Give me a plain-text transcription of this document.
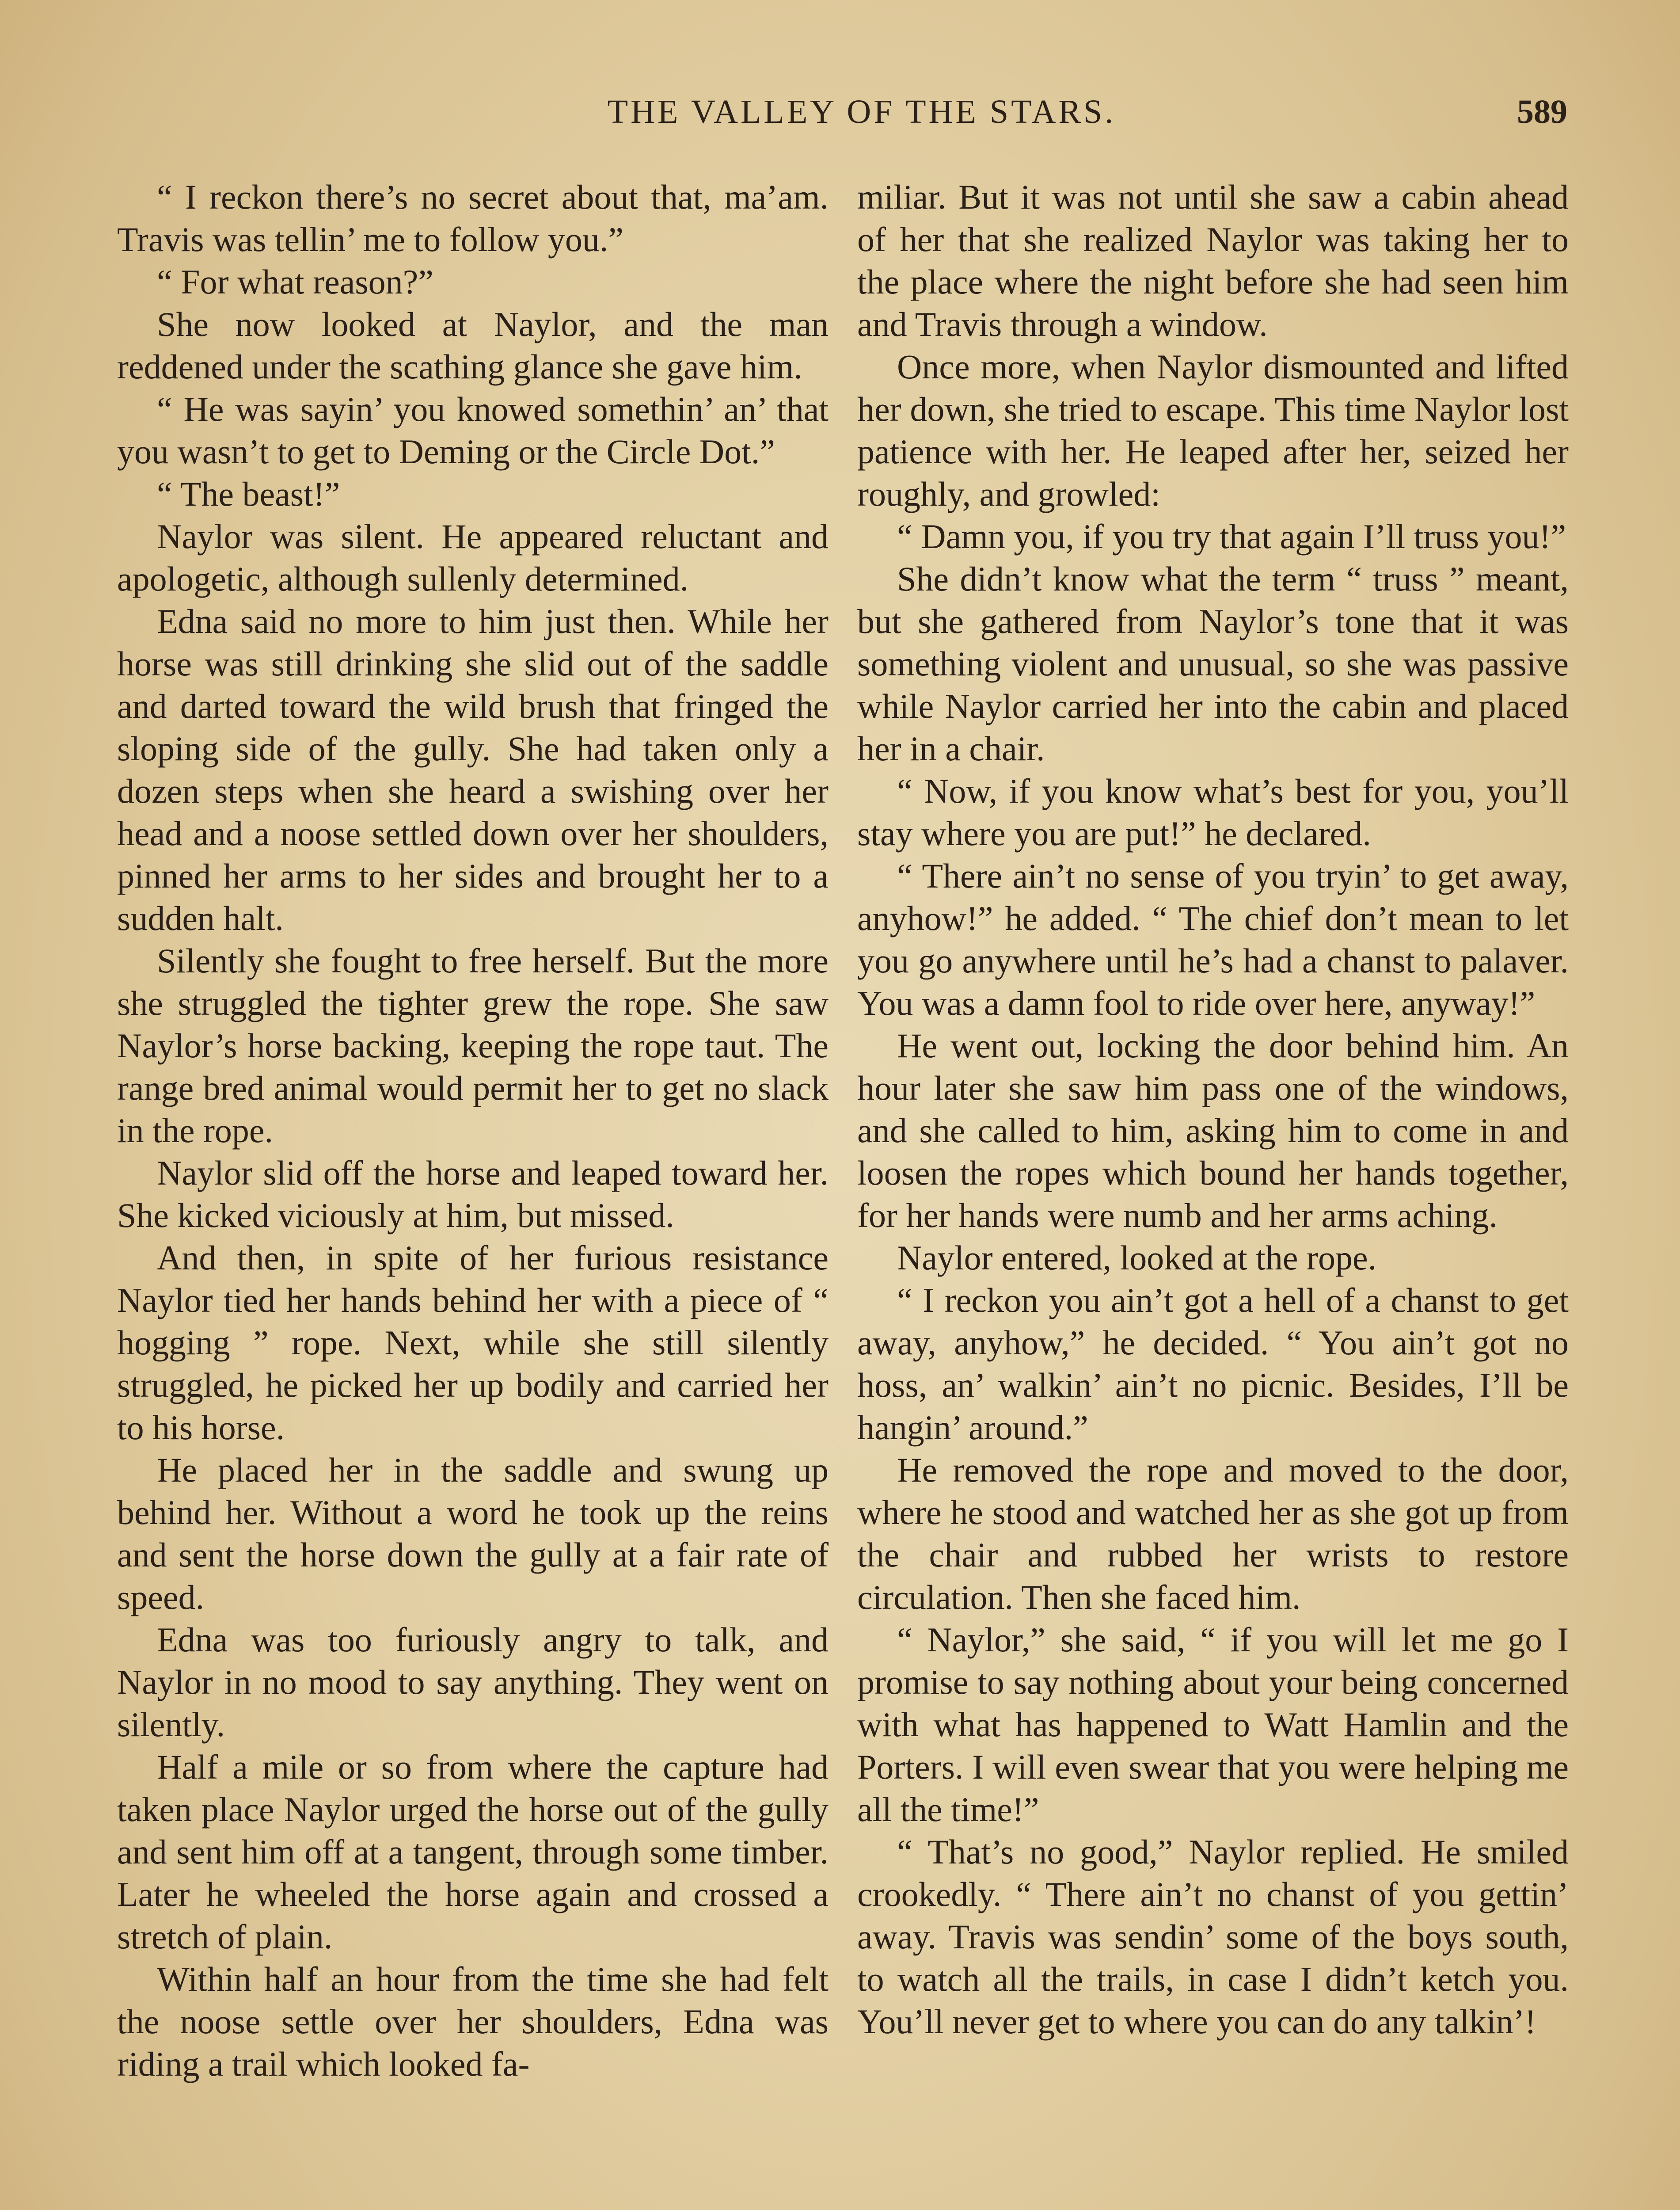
THE VALLEY OF THE STARS.	589

“ I reckon there’s no secret about that, ma’am. Travis was tellin’ me to follow you.”

“ For what reason?”

She now looked at Naylor, and the man reddened under the scathing glance she gave him.

“ He was sayin’ you knowed somethin’ an’ that you wasn’t to get to Deming or the Circle Dot.”

“ The beast!”

Naylor was silent. He appeared reluctant and apologetic, although sullenly determined.

Edna said no more to him just then. While her horse was still drinking she slid out of the saddle and darted toward the wild brush that fringed the sloping side of the gully. She had taken only a dozen steps when she heard a swishing over her head and a noose settled down over her shoulders, pinned her arms to her sides and brought her to a sudden halt.

Silently she fought to free herself. But the more she struggled the tighter grew the rope. She saw Naylor’s horse backing, keeping the rope taut. The range bred animal would permit her to get no slack in the rope.

Naylor slid off the horse and leaped toward her. She kicked viciously at him, but missed.

And then, in spite of her furious resistance Naylor tied her hands behind her with a piece of “ hogging ” rope. Next, while she still silently struggled, he picked her up bodily and carried her to his horse.

He placed her in the saddle and swung up behind her. Without a word he took up the reins and sent the horse down the gully at a fair rate of speed.

Edna was too furiously angry to talk, and Naylor in no mood to say anything. They went on silently.

Half a mile or so from where the capture had taken place Naylor urged the horse out of the gully and sent him off at a tangent, through some timber. Later he wheeled the horse again and crossed a stretch of plain.

Within half an hour from the time she had felt the noose settle over her shoulders, Edna was riding a trail which looked fa-

miliar. But it was not until she saw a cabin ahead of her that she realized Naylor was taking her to the place where the night before she had seen him and Travis through a window.

Once more, when Naylor dismounted and lifted her down, she tried to escape. This time Naylor lost patience with her. He leaped after her, seized her roughly, and growled:

“ Damn you, if you try that again I’ll truss you!”

She didn’t know what the term “ truss ” meant, but she gathered from Naylor’s tone that it was something violent and unusual, so she was passive while Naylor carried her into the cabin and placed her in a chair.

“ Now, if you know what’s best for you, you’ll stay where you are put!” he declared.

“ There ain’t no sense of you tryin’ to get away, anyhow!” he added. “ The chief don’t mean to let you go anywhere until he’s had a chanst to palaver. You was a damn fool to ride over here, anyway!”

He went out, locking the door behind him. An hour later she saw him pass one of the windows, and she called to him, asking him to come in and loosen the ropes which bound her hands together, for her hands were numb and her arms aching.

Naylor entered, looked at the rope.

“ I reckon you ain’t got a hell of a chanst to get away, anyhow,” he decided. “ You ain’t got no hoss, an’ walkin’ ain’t no picnic. Besides, I’ll be hangin’ around.”

He removed the rope and moved to the door, where he stood and watched her as she got up from the chair and rubbed her wrists to restore circulation. Then she faced him.

“ Naylor,” she said, “ if you will let me go I promise to say nothing about your being concerned with what has happened to Watt Hamlin and the Porters. I will even swear that you were helping me all the time!”

“ That’s no good,” Naylor replied. He smiled crookedly. “ There ain’t no chanst of you gettin’ away. Travis was sendin’ some of the boys south, to watch all the trails, in case I didn’t ketch you. You’ll never get to where you can do any talkin’!
